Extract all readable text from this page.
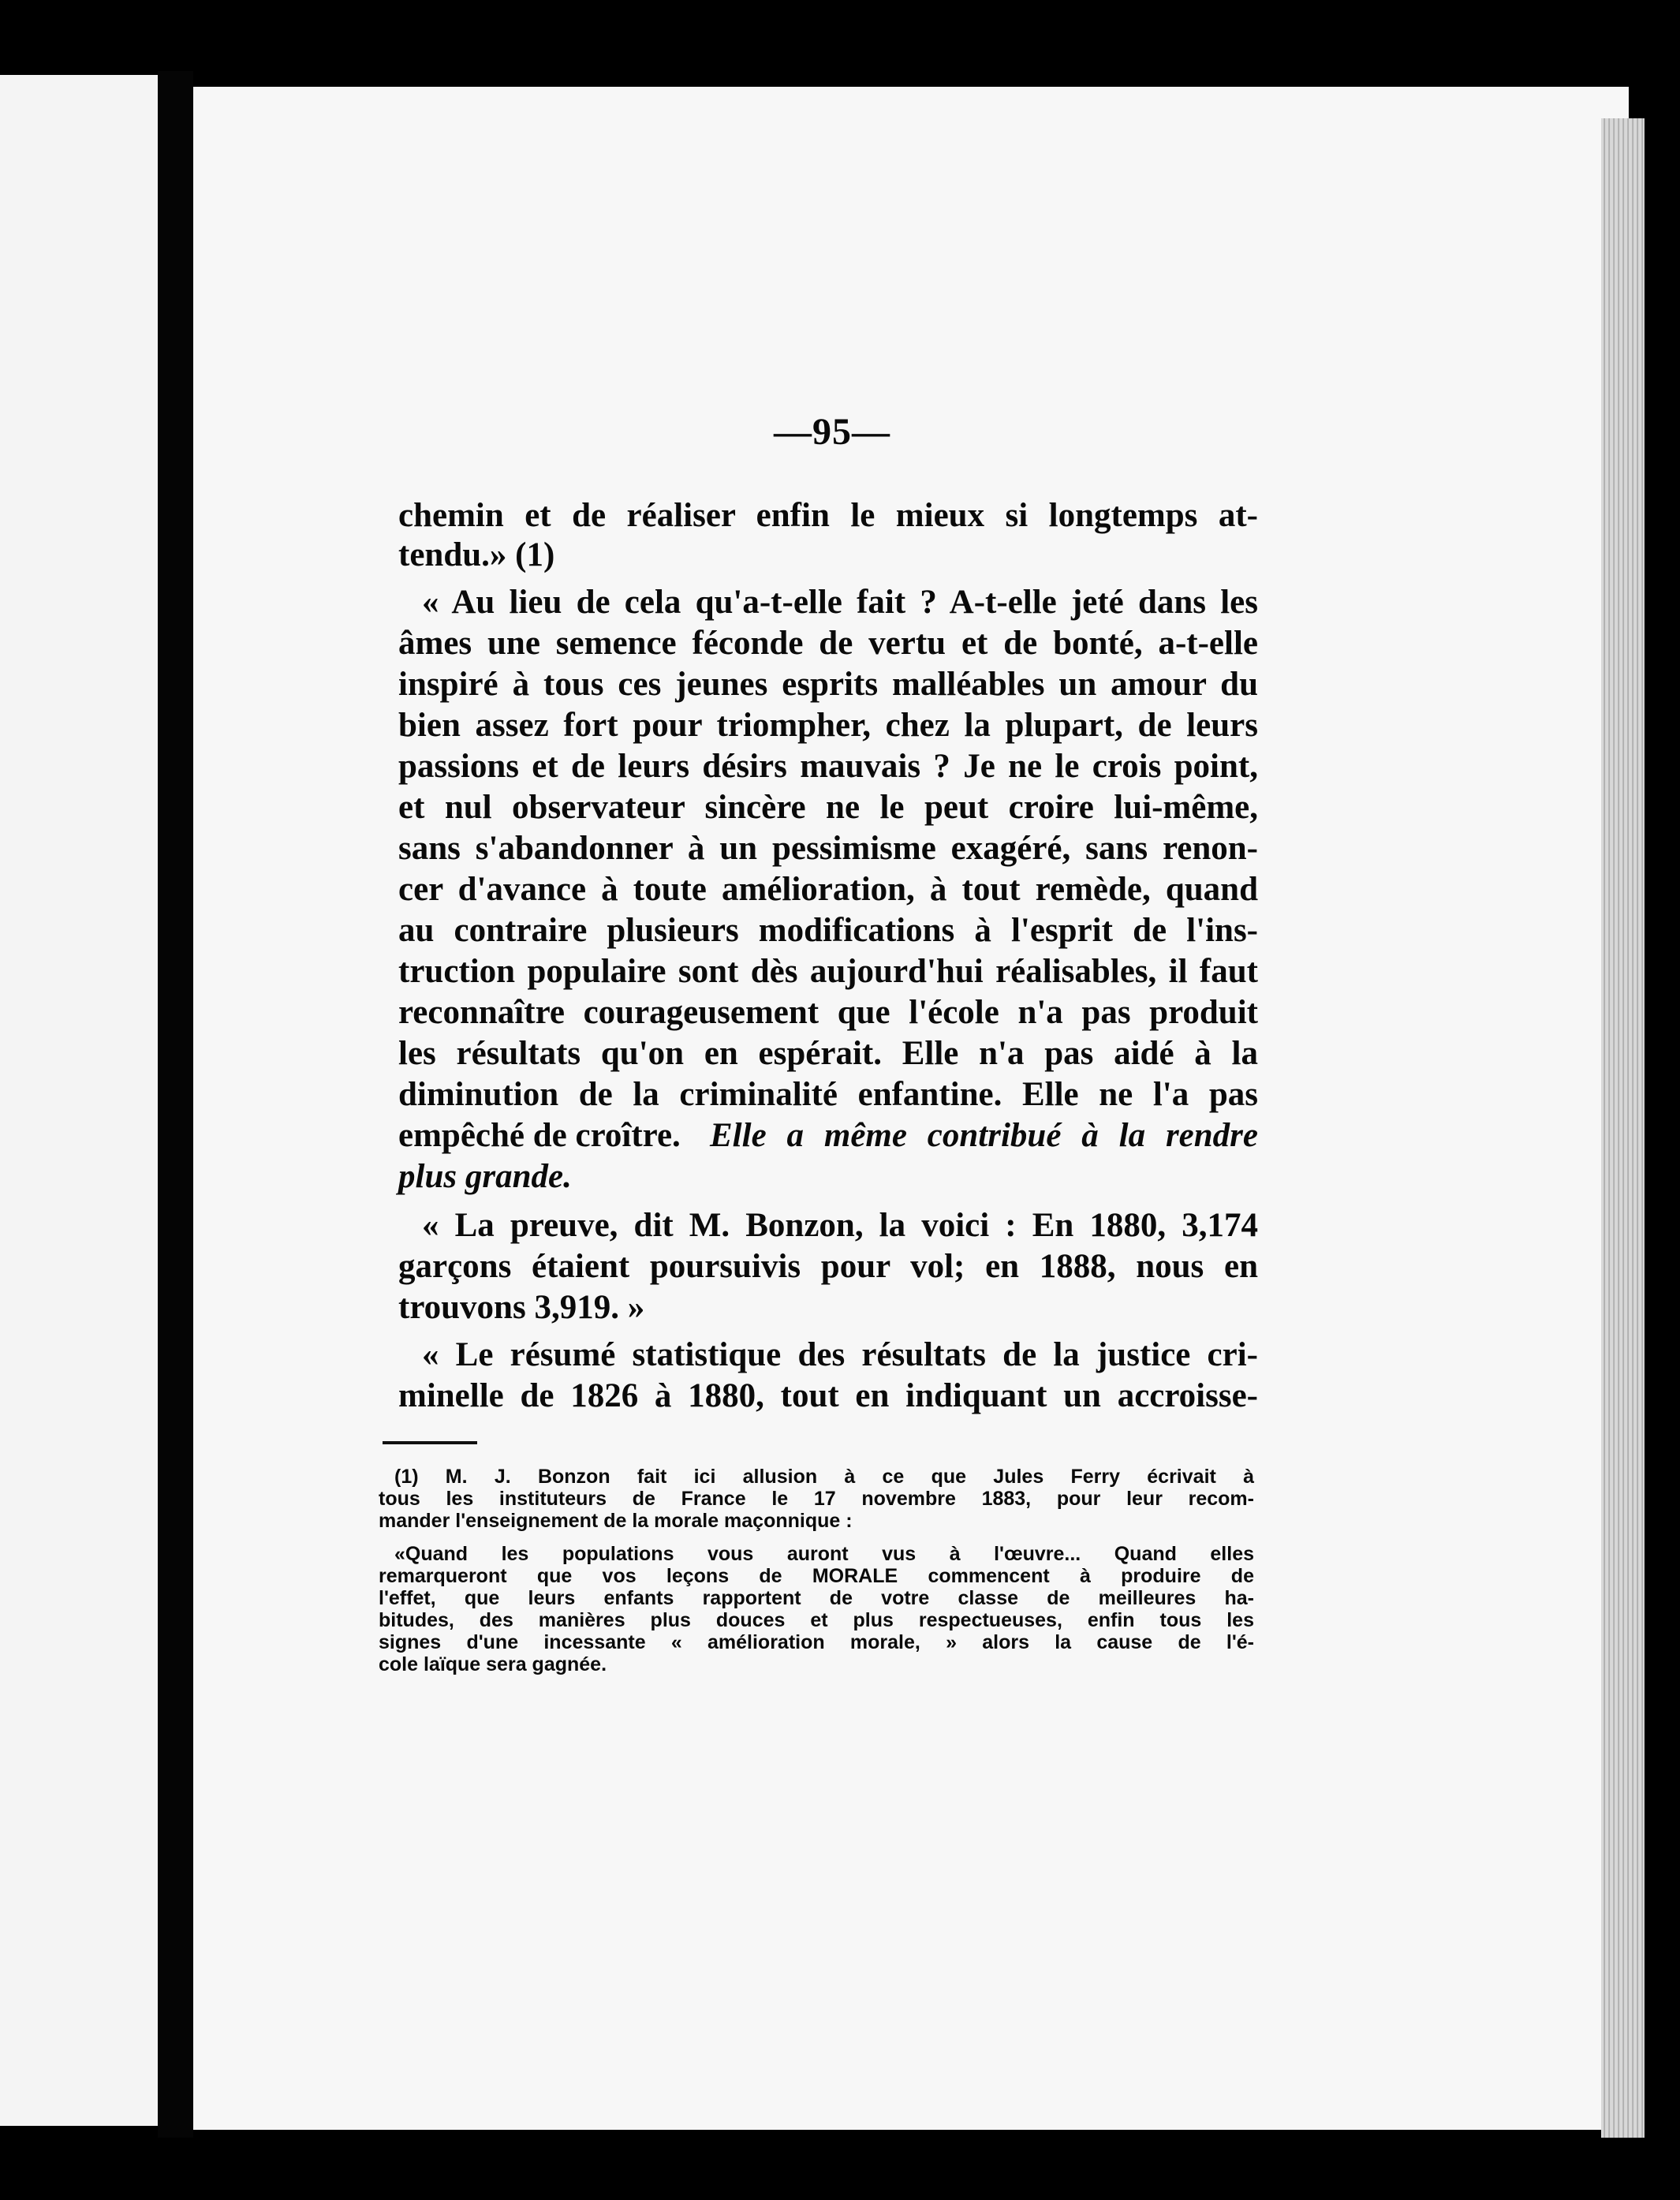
—95—
chemin et de réaliser enfin le mieux si longtemps at-
tendu.» (1)
« Au lieu de cela qu'a-t-elle fait ? A-t-elle jeté dans les
âmes une semence féconde de vertu et de bonté, a-t-elle
inspiré à tous ces jeunes esprits malléables un amour du
bien assez fort pour triompher, chez la plupart, de leurs
passions et de leurs désirs mauvais ? Je ne le crois point,
et nul observateur sincère ne le peut croire lui-même,
sans s'abandonner à un pessimisme exagéré, sans renon-
cer d'avance à toute amélioration, à tout remède, quand
au contraire plusieurs modifications à l'esprit de l'ins-
truction populaire sont dès aujourd'hui réalisables, il faut
reconnaître courageusement que l'école n'a pas produit
les résultats qu'on en espérait. Elle n'a pas aidé à la
diminution de la criminalité enfantine. Elle ne l'a pas
empêché de croître. Elle a même contribué à la rendre
plus grande.
« La preuve, dit M. Bonzon, la voici : En 1880, 3,174
garçons étaient poursuivis pour vol; en 1888, nous en
trouvons 3,919. »
« Le résumé statistique des résultats de la justice cri-
minelle de 1826 à 1880, tout en indiquant un accroisse-
(1) M. J. Bonzon fait ici allusion à ce que Jules Ferry écrivait à
tous les instituteurs de France le 17 novembre 1883, pour leur recom-
mander l'enseignement de la morale maçonnique :
«Quand les populations vous auront vus à l'œuvre... Quand elles
remarqueront que vos leçons de MORALE commencent à produire de
l'effet, que leurs enfants rapportent de votre classe de meilleures ha-
bitudes, des manières plus douces et plus respectueuses, enfin tous les
signes d'une incessante « amélioration morale, » alors la cause de l'é-
cole laïque sera gagnée.
